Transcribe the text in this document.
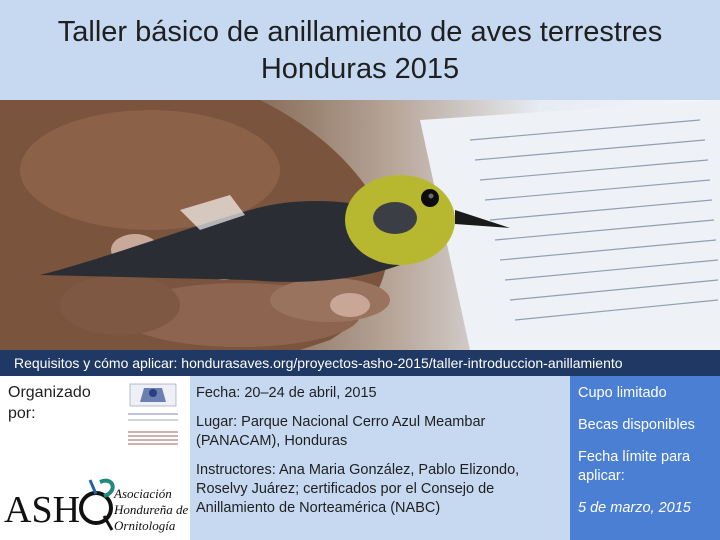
Taller básico de anillamiento de aves terrestres
Honduras 2015
Requisitos y cómo aplicar: hondurasaves.org/proyectos-asho-2015/taller-introduccion-anillamiento
Organizado por:
ASH	Asociación
Hondureña de
Ornitología

Fecha: 20–24 de abril, 2015

Lugar: Parque Nacional Cerro Azul Meambar (PANACAM), Honduras

Instructores: Ana Maria González, Pablo Elizondo, Roselvy Juárez; certificados por el Consejo de Anillamiento de Norteamérica (NABC)

Cupo limitado

Becas disponibles

Fecha límite para aplicar:

5 de marzo, 2015
